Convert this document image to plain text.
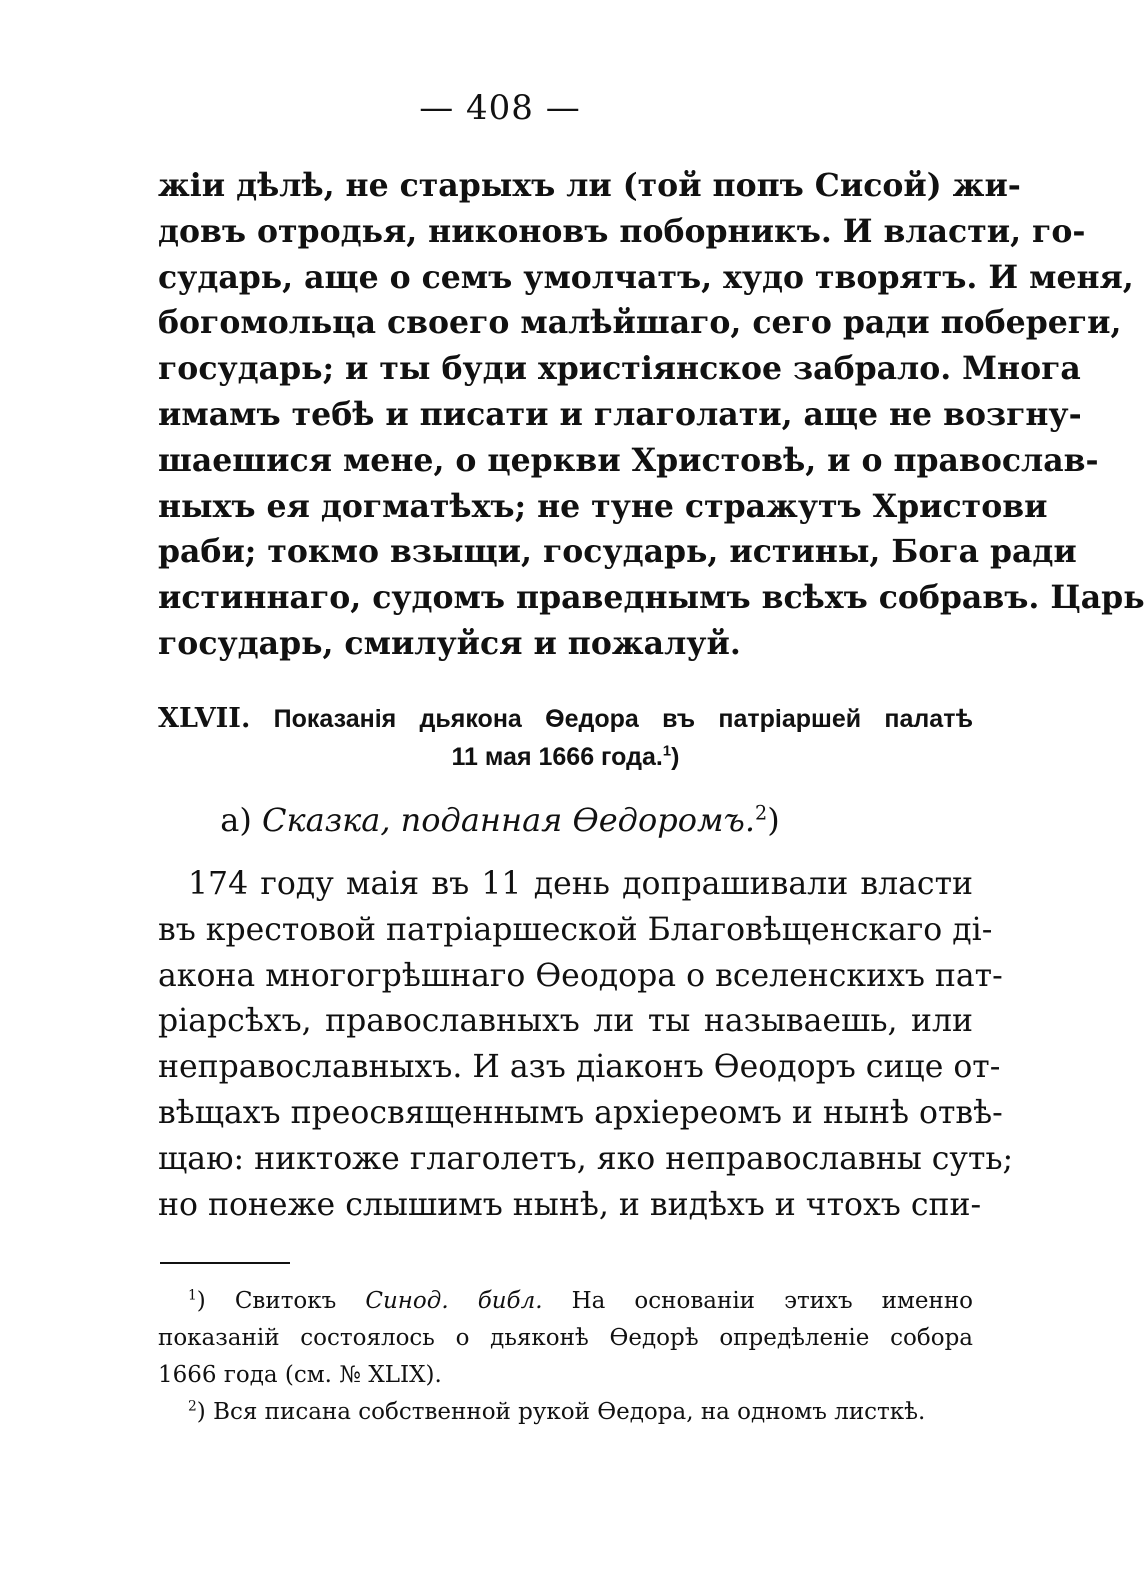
— 408 —
жіи дѣлѣ, не старыхъ ли (той попъ Сисой) жи-
довъ отродья, никоновъ поборникъ. И власти, го-
сударь, аще о семъ умолчатъ, худо творятъ. И меня,
богомольца своего малѣйшаго, сего ради побереги,
государь; и ты буди христіянское забрало. Многа
имамъ тебѣ и писати и глаголати, аще не возгну-
шаешися мене, о церкви Христовѣ, и о православ-
ныхъ ея догматѣхъ; не туне стражутъ Христови
раби; токмо взыщи, государь, истины, Бога ради
истиннаго, судомъ праведнымъ всѣхъ собравъ. Царь
государь, смилуйся и пожалуй.
XLVII. Показанія дьякона Ѳедора въ патріаршей палатѣ
11 мая 1666 года.$^1$)
а) Сказка, поданная Ѳедоромъ.$^2$)
174 году маія въ 11 день допрашивали власти
въ крестовой патріаршеской Благовѣщенскаго ді-
акона многогрѣшнаго Ѳеодора о вселенскихъ пат-
ріарсѣхъ, православныхъ ли ты называешь, или
неправославныхъ. И азъ діаконъ Ѳеодоръ сице от-
вѣщахъ преосвященнымъ архіереомъ и нынѣ отвѣ-
щаю: никтоже глаголетъ, яко неправославны суть;
но понеже слышимъ нынѣ, и видѣхъ и чтохъ спи-
$^1$) Свитокъ Синод. библ. На основаніи этихъ именно
показаній состоялось о дьяконѣ Ѳедорѣ опредѣленіе собора
1666 года (см. № XLIX).
$^2$) Вся писана собственной рукой Ѳедора, на одномъ листкѣ.
